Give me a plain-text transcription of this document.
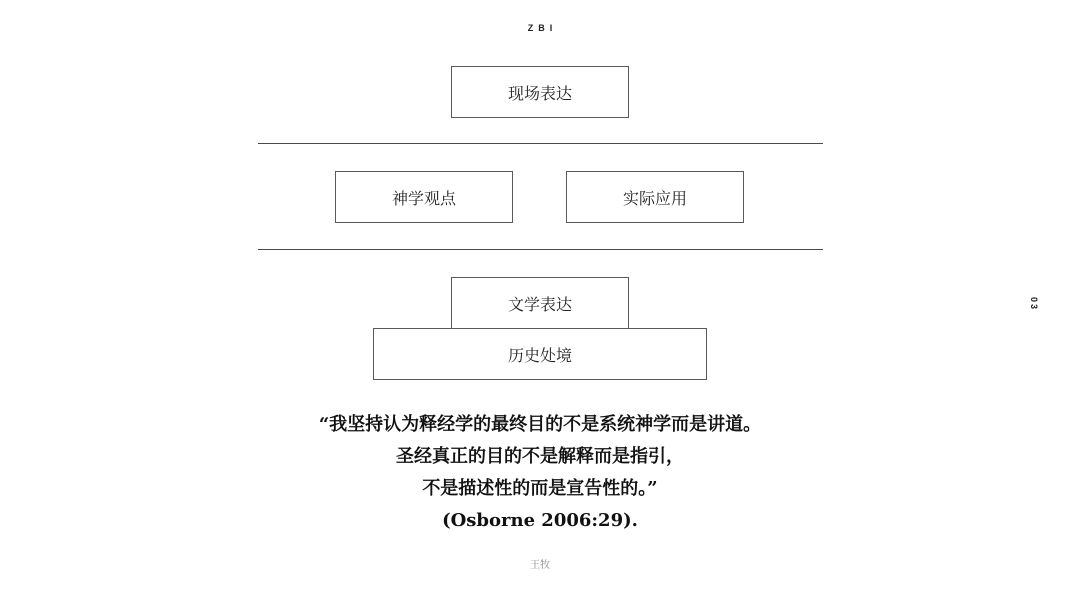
ZBI
现场表达
神学观点	实际应用
文学表达
历史处境
“我坚持认为释经学的最终目的不是系统神学而是讲道。
圣经真正的目的不是解释而是指引，
不是描述性的而是宣告性的。”
(Osborne 2006:29).
王牧
03
